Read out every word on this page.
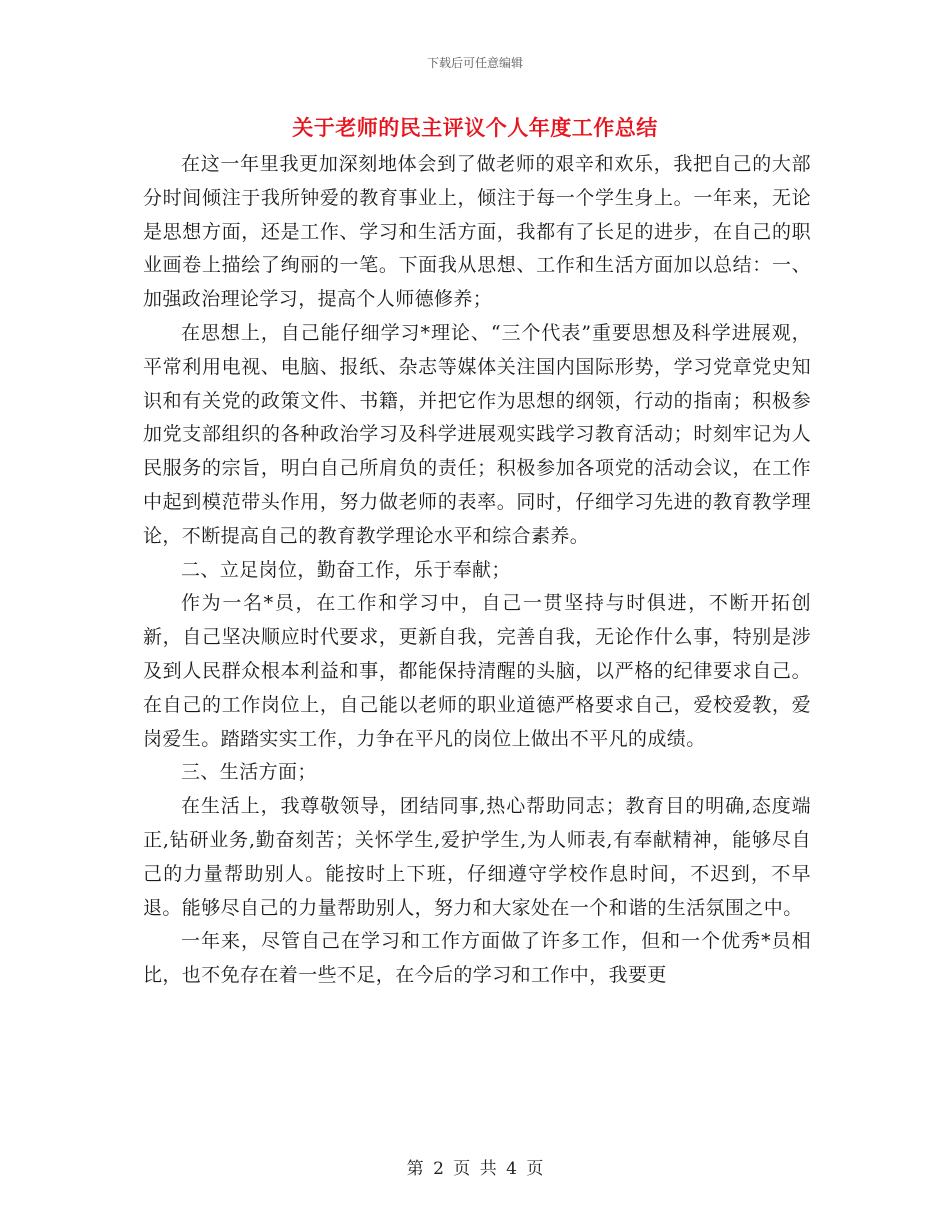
下载后可任意编辑
关于老师的民主评议个人年度工作总结

在这一年里我更加深刻地体会到了做老师的艰辛和欢乐，我把自己的大部分时间倾注于我所钟爱的教育事业上，倾注于每一个学生身上。一年来，无论是思想方面，还是工作、学习和生活方面，我都有了长足的进步，在自己的职业画卷上描绘了绚丽的一笔。下面我从思想、工作和生活方面加以总结：一、加强政治理论学习，提高个人师德修养；

在思想上，自己能仔细学习*理论、“三个代表”重要思想及科学进展观，平常利用电视、电脑、报纸、杂志等媒体关注国内国际形势，学习党章党史知识和有关党的政策文件、书籍，并把它作为思想的纲领，行动的指南；积极参加党支部组织的各种政治学习及科学进展观实践学习教育活动；时刻牢记为人民服务的宗旨，明白自己所肩负的责任；积极参加各项党的活动会议，在工作中起到模范带头作用，努力做老师的表率。同时，仔细学习先进的教育教学理论，不断提高自己的教育教学理论水平和综合素养。

二、立足岗位，勤奋工作，乐于奉献；

作为一名*员，在工作和学习中，自己一贯坚持与时俱进，不断开拓创新，自己坚决顺应时代要求，更新自我，完善自我，无论作什么事，特别是涉及到人民群众根本利益和事，都能保持清醒的头脑，以严格的纪律要求自己。在自己的工作岗位上，自己能以老师的职业道德严格要求自己，爱校爱教，爱岗爱生。踏踏实实工作，力争在平凡的岗位上做出不平凡的成绩。

三、生活方面；

在生活上，我尊敬领导，团结同事,热心帮助同志；教育目的明确,态度端正,钻研业务,勤奋刻苦；关怀学生,爱护学生,为人师表,有奉献精神，能够尽自己的力量帮助别人。能按时上下班，仔细遵守学校作息时间，不迟到，不早退。能够尽自己的力量帮助别人，努力和大家处在一个和谐的生活氛围之中。

一年来，尽管自己在学习和工作方面做了许多工作，但和一个优秀*员相比，也不免存在着一些不足，在今后的学习和工作中，我要更

第 2 页 共 4 页
